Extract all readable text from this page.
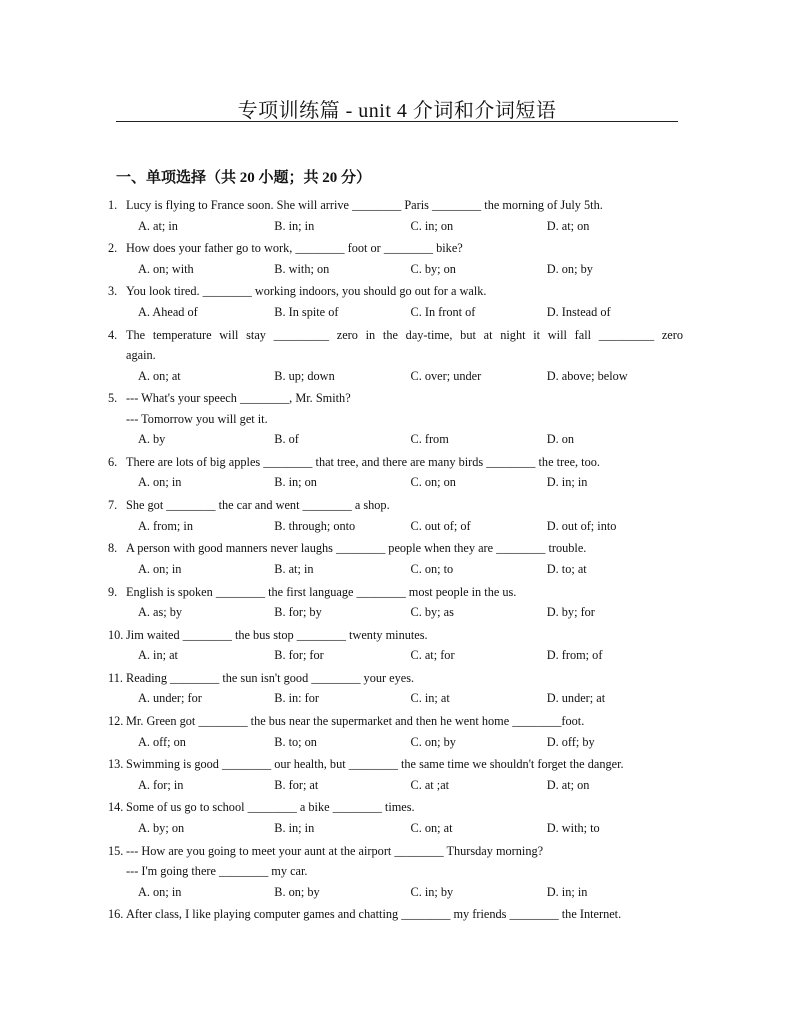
专项训练篇 - unit 4 介词和介词短语
一、单项选择（共 20 小题；共 20 分）
1. Lucy is flying to France soon. She will arrive ________ Paris ________ the morning of July 5th.
A. at; in	B. in; in	C. in; on	D. at; on
2. How does your father go to work, ________ foot or ________ bike?
A. on; with	B. with; on	C. by; on	D. on; by
3. You look tired. ________ working indoors, you should go out for a walk.
A. Ahead of	B. In spite of	C. In front of	D. Instead of
4. The temperature will stay _________ zero in the day-time, but at night it will fall _________ zero
again.
A. on; at	B. up; down	C. over; under	D. above; below
5. --- What's your speech ________, Mr. Smith?
--- Tomorrow you will get it.
A. by	B. of	C. from	D. on
6. There are lots of big apples ________ that tree, and there are many birds ________ the tree, too.
A. on; in	B. in; on	C. on; on	D. in; in
7. She got ________ the car and went ________ a shop.
A. from; in	B. through; onto	C. out of; of	D. out of; into
8. A person with good manners never laughs ________ people when they are ________ trouble.
A. on; in	B. at; in	C. on; to	D. to; at
9. English is spoken ________ the first language ________ most people in the us.
A. as; by	B. for; by	C. by; as	D. by; for
10. Jim waited ________ the bus stop ________ twenty minutes.
A. in; at	B. for; for	C. at; for	D. from; of
11. Reading ________ the sun isn't good ________ your eyes.
A. under; for	B. in: for	C. in; at	D. under; at
12. Mr. Green got ________ the bus near the supermarket and then he went home ________foot.
A. off; on	B. to; on	C. on; by	D. off; by
13. Swimming is good ________ our health, but ________ the same time we shouldn't forget the danger.
A. for; in	B. for; at	C. at ;at	D. at; on
14. Some of us go to school ________ a bike ________ times.
A. by; on	B. in; in	C. on; at	D. with; to
15. --- How are you going to meet your aunt at the airport ________ Thursday morning?
--- I'm going there ________ my car.
A. on; in	B. on; by	C. in; by	D. in; in
16. After class, I like playing computer games and chatting ________ my friends ________ the Internet.
